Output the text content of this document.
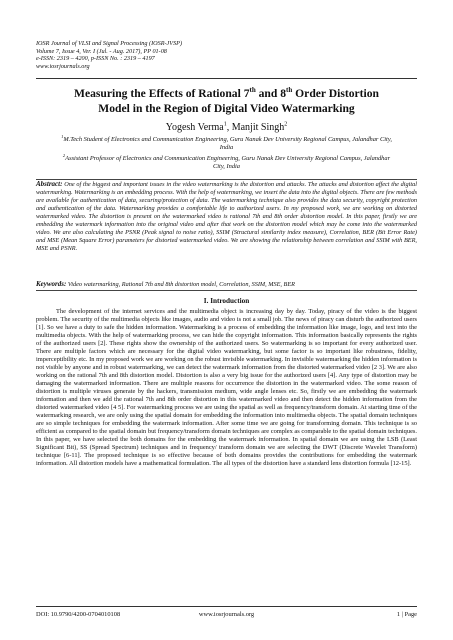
IOSR Journal of VLSI and Signal Processing (IOSR-JVSP)
Volume 7, Issue 4, Ver. I (Jul. - Aug. 2017), PP 01-08
e-ISSN: 2319 – 4200, p-ISSN No. : 2319 – 4197
www.iosrjournals.org
Measuring the Effects of Rational 7th and 8th Order Distortion
Model in the Region of Digital Video Watermarking
Yogesh Verma$^1$, Manjit Singh$^2$
$^1$M.Tech Student of Electronics and Communication Engineering, Guru Nanak Dev University Regional Campus, Jalandhar City, India
$^2$Assistant Professor of Electronics and Communication Engineering, Guru Nanak Dev University Regional Campus, Jalandhar City, India
Abstract: One of the biggest and important issues in the video watermarking is the distortion and attacks. The attacks and distortion affect the digital watermarking. Watermarking is an embedding process. With the help of watermarking, we insert the data into the digital objects. There are few methods are available for authentication of data, securing/protection of data. The watermarking technique also provides the data security, copyright protection and authentication of the data. Watermarking provides a comfortable life to authorized users. In my proposed work, we are working on distorted watermarked video. The distortion is present on the watermarked video is rational 7th and 8th order distortion model. In this paper, firstly we are embedding the watermark information into the original video and after that work on the distortion model which may be come into the watermarked video. We are also calculating the PSNR (Peak signal to noise ratio), SSIM (Structural similarity index measure), Correlation, BER (Bit Error Rate) and MSE (Mean Square Error) parameters for distorted watermarked video. We are showing the relationship between correlation and SSIM with BER, MSE and PSNR.
Keywords: Video watermarking, Rational 7th and 8th distortion model, Correlation, SSIM, MSE, BER
I. Introduction
The development of the internet services and the multimedia object is increasing day by day. Today, piracy of the video is the biggest problem. The security of the multimedia objects like images, audio and video is not a small job. The news of piracy can disturb the authorized users [1]. So we have a duty to safe the hidden information. Watermarking is a process of embedding the information like image, logo, and text into the multimedia objects. With the help of watermarking process, we can hide the copyright information. This information basically represents the rights of the authorized users [2]. These rights show the ownership of the authorized users. So watermarking is so important for every authorized user. There are multiple factors which are necessary for the digital video watermarking, but some factor is so important like robustness, fidelity, imperceptibility etc. In my proposed work we are working on the robust invisible watermarking. In invisible watermarking the hidden information is not visible by anyone and in robust watermarking, we can detect the watermark information from the distorted watermarked video [2 3]. We are also working on the rational 7th and 8th distortion model. Distortion is also a very big issue for the authorized users [4]. Any type of distortion may be damaging the watermarked information. There are multiple reasons for occurrence the distortion in the watermarked video. The some reason of distortion is multiple viruses generate by the hackers, transmission medium, wide angle lenses etc. So, firstly we are embedding the watermark information and then we add the rational 7th and 8th order distortion in this watermarked video and then detect the hidden information from the distorted watermarked video [4 5]. For watermarking process we are using the spatial as well as frequency/transform domain. At starting time of the watermarking research, we are only using the spatial domain for embedding the information into multimedia objects. The spatial domain techniques are so simple techniques for embedding the watermark information. After some time we are going for transforming domain. This technique is so efficient as compared to the spatial domain but frequency/transform domain techniques are complex as comparable to the spatial domain techniques. In this paper, we have selected the both domains for the embedding the watermark information. In spatial domain we are using the LSB (Least Significant Bit), SS (Spread Spectrum) techniques and in frequency/ transform domain we are selecting the DWT (Discrete Wavelet Transform) technique [6-11]. The proposed technique is so effective because of both domains provides the contributions for embedding the watermark information. All distortion models have a mathematical formulation. The all types of the distortion have a standard lens distortion formula [12-15].
DOI: 10.9790/4200-0704010108	www.iosrjournals.org	1 | Page
